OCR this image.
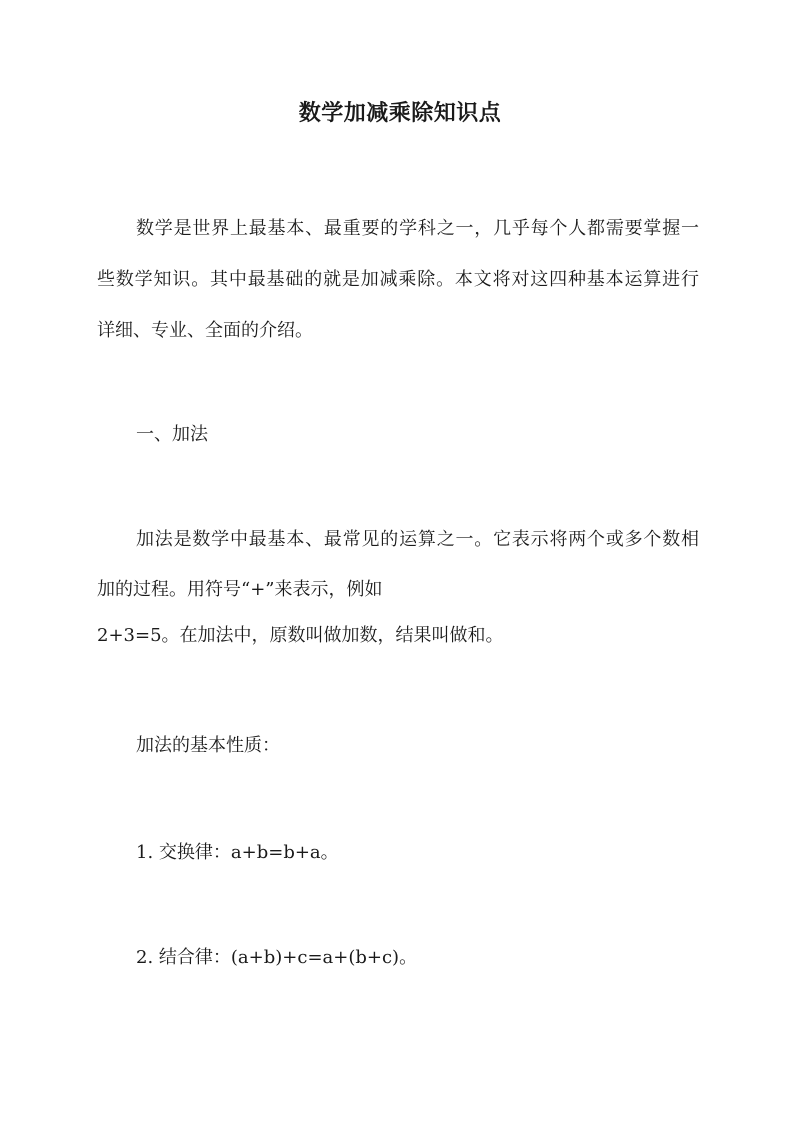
数学加减乘除知识点

数学是世界上最基本、最重要的学科之一，几乎每个人都需要掌握一

些数学知识。其中最基础的就是加减乘除。本文将对这四种基本运算进行

详细、专业、全面的介绍。

一、加法

加法是数学中最基本、最常见的运算之一。它表示将两个或多个数相

加的过程。用符号“+”来表示，例如

2+3=5。在加法中，原数叫做加数，结果叫做和。

加法的基本性质：

1. 交换律：a+b=b+a。

2. 结合律：(a+b)+c=a+(b+c)。
